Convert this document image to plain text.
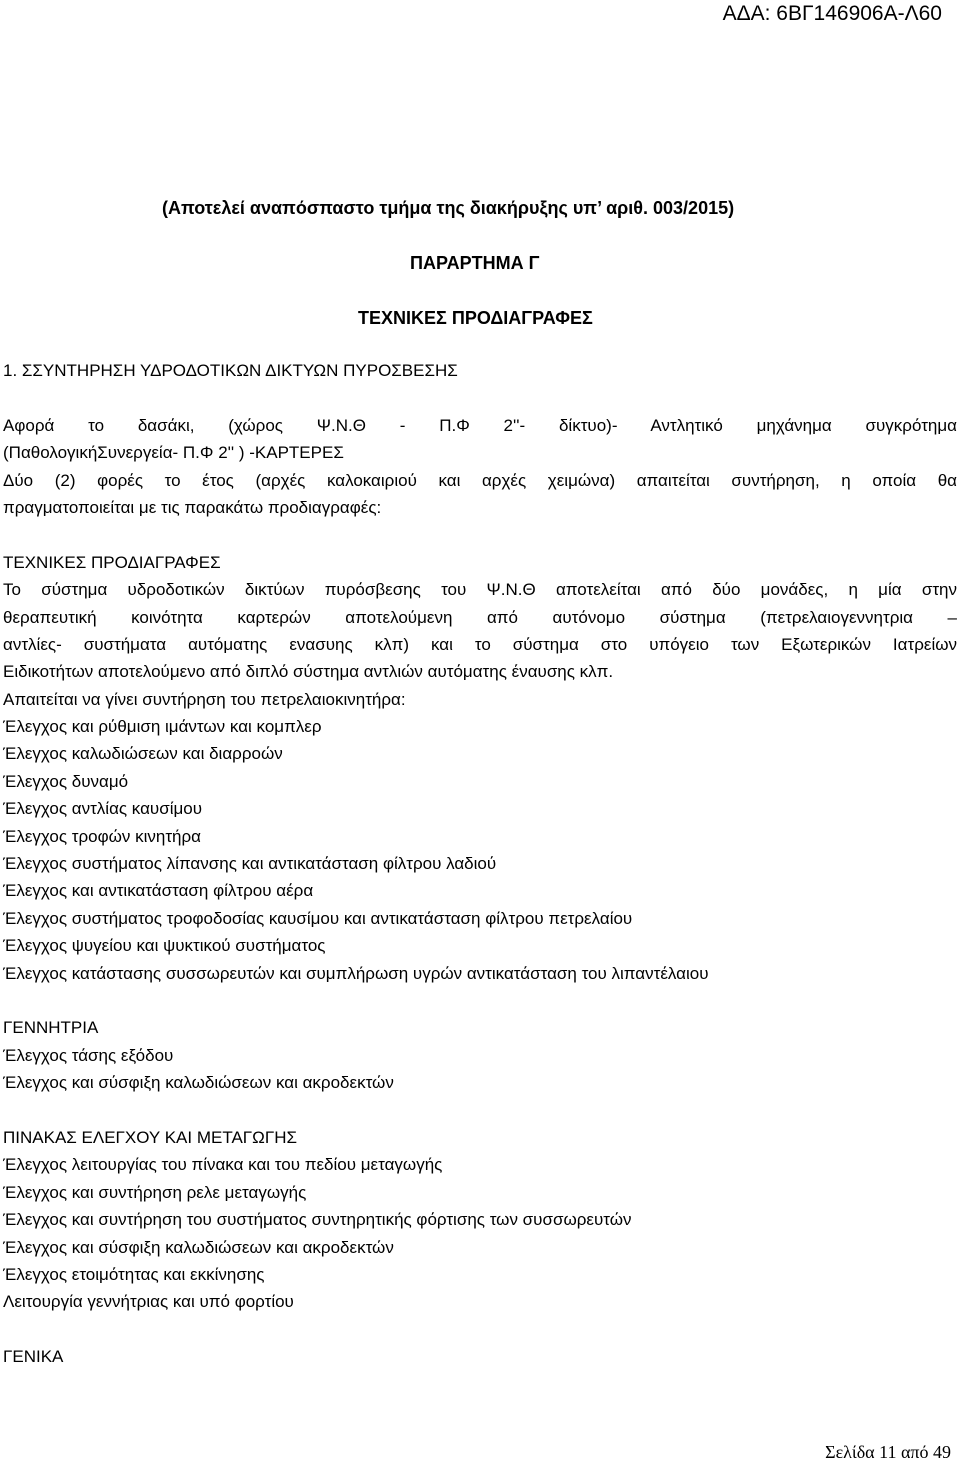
ΑΔΑ: 6ΒΓ146906Α-Λ60
(Αποτελεί αναπόσπαστο τμήμα της διακήρυξης υπ’ αριθ. 003/2015)
ΠΑΡΑΡΤΗΜΑ Γ
ΤΕΧΝΙΚΕΣ ΠΡΟΔΙΑΓΡΑΦΕΣ
1. ΣΣΥΝΤΗΡΗΣΗ ΥΔΡΟΔΟΤΙΚΩΝ ΔΙΚΤΥΩΝ ΠΥΡΟΣΒΕΣΗΣ
Αφορά το δασάκι, (χώρος Ψ.Ν.Θ - Π.Φ 2''- δίκτυο)- Αντλητικό μηχάνημα συγκρότημα
(ΠαθολογικήΣυνεργεία- Π.Φ 2'' ) -ΚΑΡΤΕΡΕΣ
Δύο (2) φορές το έτος (αρχές καλοκαιριού και αρχές χειμώνα) απαιτείται συντήρηση, η οποία θα
πραγματοποιείται με τις παρακάτω προδιαγραφές:
ΤΕΧΝΙΚΕΣ ΠΡΟΔΙΑΓΡΑΦΕΣ
Το σύστημα υδροδοτικών δικτύων πυρόσβεσης του Ψ.Ν.Θ αποτελείται από δύο μονάδες, η μία στην
θεραπευτική κοινότητα καρτερών αποτελούμενη από αυτόνομο σύστημα (πετρελαιογεννητρια –
αντλίες- συστήματα αυτόματης ενασυης κλπ) και το σύστημα στο υπόγειο των Εξωτερικών Ιατρείων
Ειδικοτήτων αποτελούμενο από διπλό σύστημα αντλιών αυτόματης έναυσης κλπ.
Απαιτείται να γίνει συντήρηση του πετρελαιοκινητήρα:
Έλεγχος και ρύθμιση ιμάντων και κομπλερ
Έλεγχος καλωδιώσεων και διαρροών
Έλεγχος δυναμό
Έλεγχος αντλίας καυσίμου
Έλεγχος τροφών κινητήρα
Έλεγχος συστήματος λίπανσης και αντικατάσταση φίλτρου λαδιού
Έλεγχος και αντικατάσταση φίλτρου αέρα
Έλεγχος συστήματος τροφοδοσίας καυσίμου και αντικατάσταση φίλτρου πετρελαίου
Έλεγχος ψυγείου και ψυκτικού συστήματος
Έλεγχος κατάστασης συσσωρευτών και συμπλήρωση υγρών αντικατάσταση του λιπαντέλαιου
ΓΕΝΝΗΤΡΙΑ
Έλεγχος τάσης εξόδου
Έλεγχος και σύσφιξη καλωδιώσεων και ακροδεκτών
ΠΙΝΑΚΑΣ ΕΛΕΓΧΟΥ ΚΑΙ ΜΕΤΑΓΩΓΗΣ
Έλεγχος λειτουργίας του πίνακα και του πεδίου μεταγωγής
Έλεγχος και συντήρηση ρελε μεταγωγής
Έλεγχος και συντήρηση του συστήματος συντηρητικής φόρτισης των συσσωρευτών
Έλεγχος και σύσφιξη καλωδιώσεων και ακροδεκτών
Έλεγχος ετοιμότητας και εκκίνησης
Λειτουργία γεννήτριας και υπό φορτίου
ΓΕΝΙΚΑ
Σελίδα 11 από 49
